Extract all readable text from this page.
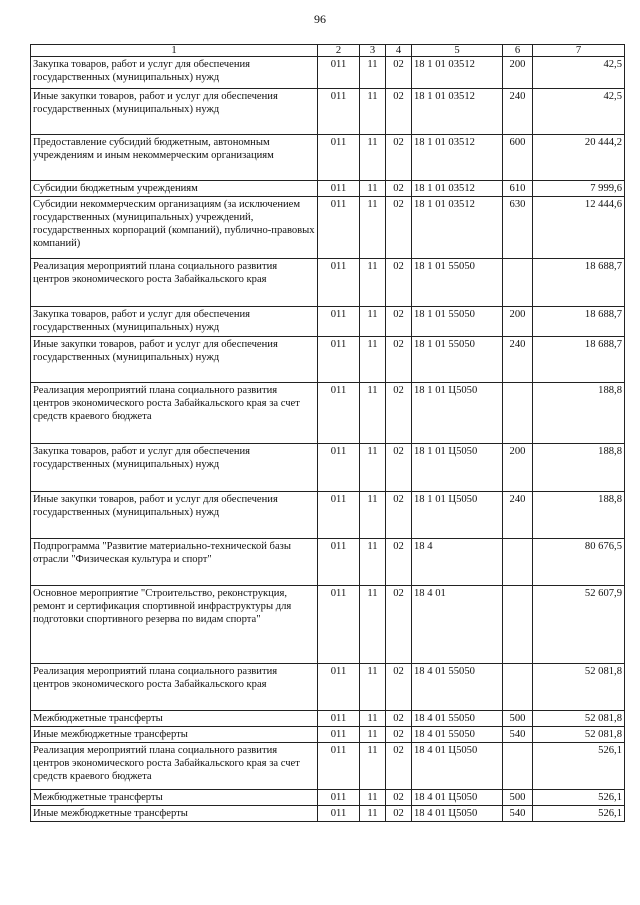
96
1	2	3	4	5	6	7
Закупка товаров, работ и услуг для обеспечения государственных (муниципальных) нужд	011	11	02	18 1 01 03512	200	42,5
Иные закупки товаров, работ и услуг для обеспечения государственных (муниципальных) нужд	011	11	02	18 1 01 03512	240	42,5
Предоставление субсидий бюджетным, автономным учреждениям и иным некоммерческим организациям	011	11	02	18 1 01 03512	600	20 444,2
Субсидии бюджетным учреждениям	011	11	02	18 1 01 03512	610	7 999,6
Субсидии некоммерческим организациям (за исключением государственных (муниципальных) учреждений, государственных корпораций (компаний), публично-правовых компаний)	011	11	02	18 1 01 03512	630	12 444,6
Реализация мероприятий плана социального развития центров экономического роста Забайкальского края	011	11	02	18 1 01 55050		18 688,7
Закупка товаров, работ и услуг для обеспечения государственных (муниципальных) нужд	011	11	02	18 1 01 55050	200	18 688,7
Иные закупки товаров, работ и услуг для обеспечения государственных (муниципальных) нужд	011	11	02	18 1 01 55050	240	18 688,7
Реализация мероприятий плана социального развития центров экономического роста Забайкальского края за счет средств краевого бюджета	011	11	02	18 1 01 Ц5050		188,8
Закупка товаров, работ и услуг для обеспечения государственных (муниципальных) нужд	011	11	02	18 1 01 Ц5050	200	188,8
Иные закупки товаров, работ и услуг для обеспечения государственных (муниципальных) нужд	011	11	02	18 1 01 Ц5050	240	188,8
Подпрограмма "Развитие материально-технической базы отрасли "Физическая культура и спорт"	011	11	02	18 4		80 676,5
Основное мероприятие "Строительство, реконструкция, ремонт и сертификация спортивной инфраструктуры для подготовки спортивного резерва по видам спорта"	011	11	02	18 4 01		52 607,9
Реализация мероприятий плана социального развития центров экономического роста Забайкальского края	011	11	02	18 4 01 55050		52 081,8
Межбюджетные трансферты	011	11	02	18 4 01 55050	500	52 081,8
Иные межбюджетные трансферты	011	11	02	18 4 01 55050	540	52 081,8
Реализация мероприятий плана социального развития центров экономического роста Забайкальского края за счет средств краевого бюджета	011	11	02	18 4 01 Ц5050		526,1
Межбюджетные трансферты	011	11	02	18 4 01 Ц5050	500	526,1
Иные межбюджетные трансферты	011	11	02	18 4 01 Ц5050	540	526,1
